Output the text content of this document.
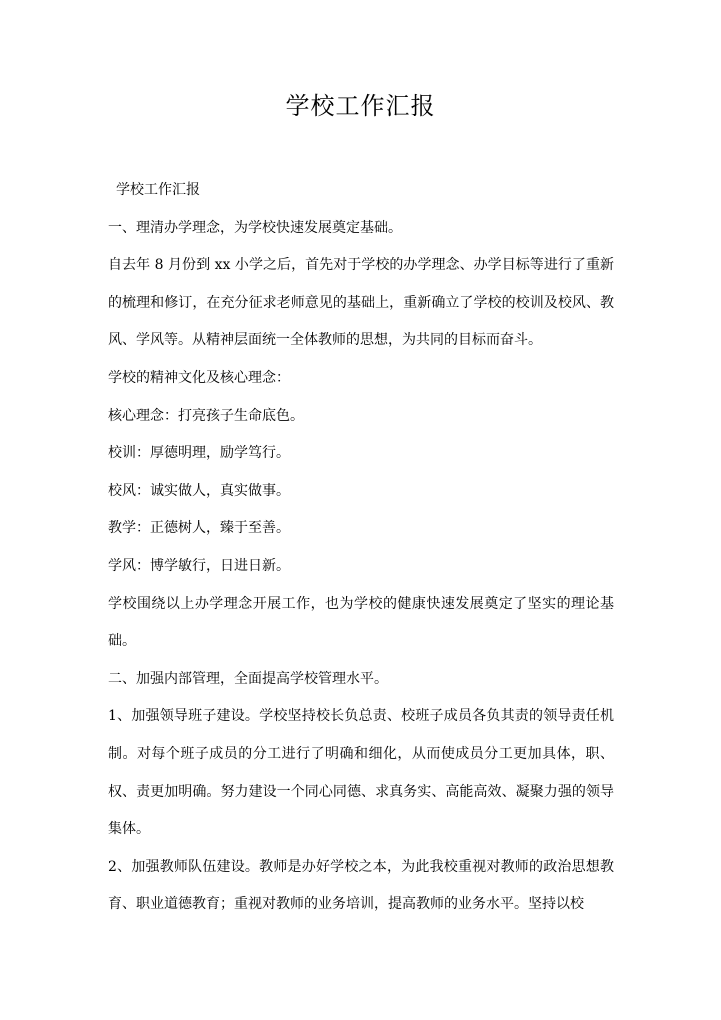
学校工作汇报

学校工作汇报

一、理清办学理念，为学校快速发展奠定基础。

自去年 8 月份到 xx 小学之后，首先对于学校的办学理念、办学目标等进行了重新的梳理和修订，在充分征求老师意见的基础上，重新确立了学校的校训及校风、教风、学风等。从精神层面统一全体教师的思想，为共同的目标而奋斗。

学校的精神文化及核心理念：

核心理念：打亮孩子生命底色。

校训：厚德明理，励学笃行。

校风：诚实做人，真实做事。

教学：正德树人，臻于至善。

学风：博学敏行，日进日新。

学校围绕以上办学理念开展工作，也为学校的健康快速发展奠定了坚实的理论基础。

二、加强内部管理，全面提高学校管理水平。

1、加强领导班子建设。学校坚持校长负总责、校班子成员各负其责的领导责任机制。对每个班子成员的分工进行了明确和细化，从而使成员分工更加具体，职、权、责更加明确。努力建设一个同心同德、求真务实、高能高效、凝聚力强的领导集体。

2、加强教师队伍建设。教师是办好学校之本，为此我校重视对教师的政治思想教育、职业道德教育；重视对教师的业务培训，提高教师的业务水平。坚持以校
